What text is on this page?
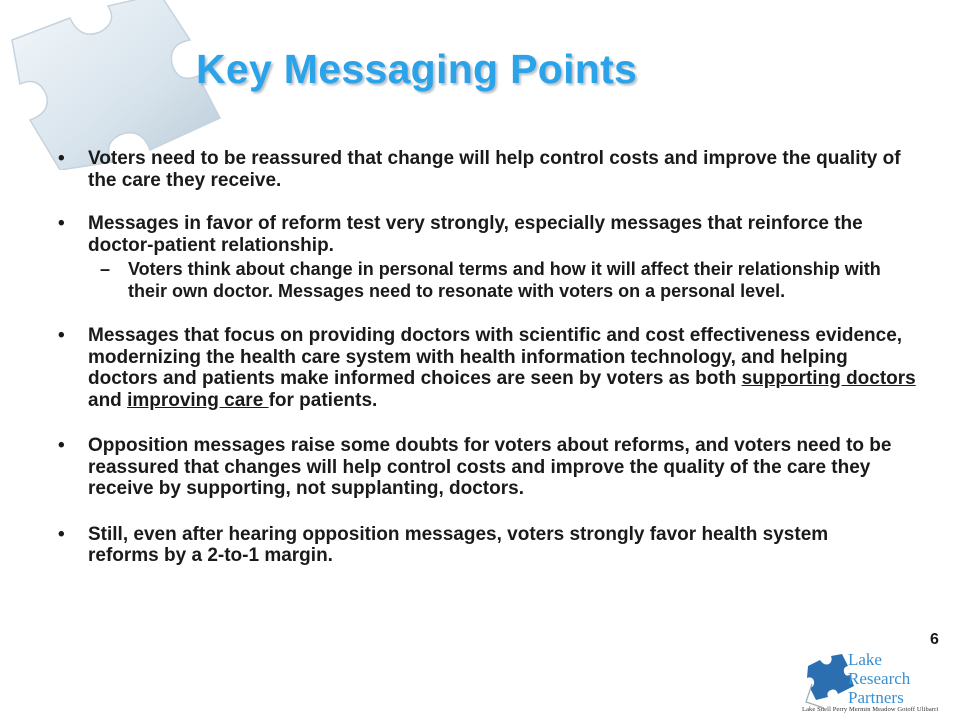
Key Messaging Points
• Voters need to be reassured that change will help control costs and improve the quality of the care they receive.
• Messages in favor of reform test very strongly, especially messages that reinforce the doctor-patient relationship.
– Voters think about change in personal terms and how it will affect their relationship with their own doctor. Messages need to resonate with voters on a personal level.
• Messages that focus on providing doctors with scientific and cost effectiveness evidence, modernizing the health care system with health information technology, and helping doctors and patients make informed choices are seen by voters as both supporting doctors and improving care for patients.
• Opposition messages raise some doubts for voters about reforms, and voters need to be reassured that changes will help control costs and improve the quality of the care they receive by supporting, not supplanting, doctors.
• Still, even after hearing opposition messages, voters strongly favor health system reforms by a 2-to-1 margin.
6
Lake
Research
Partners
Lake Snell Perry Mermin Meadow Gotoff Ulibarri
